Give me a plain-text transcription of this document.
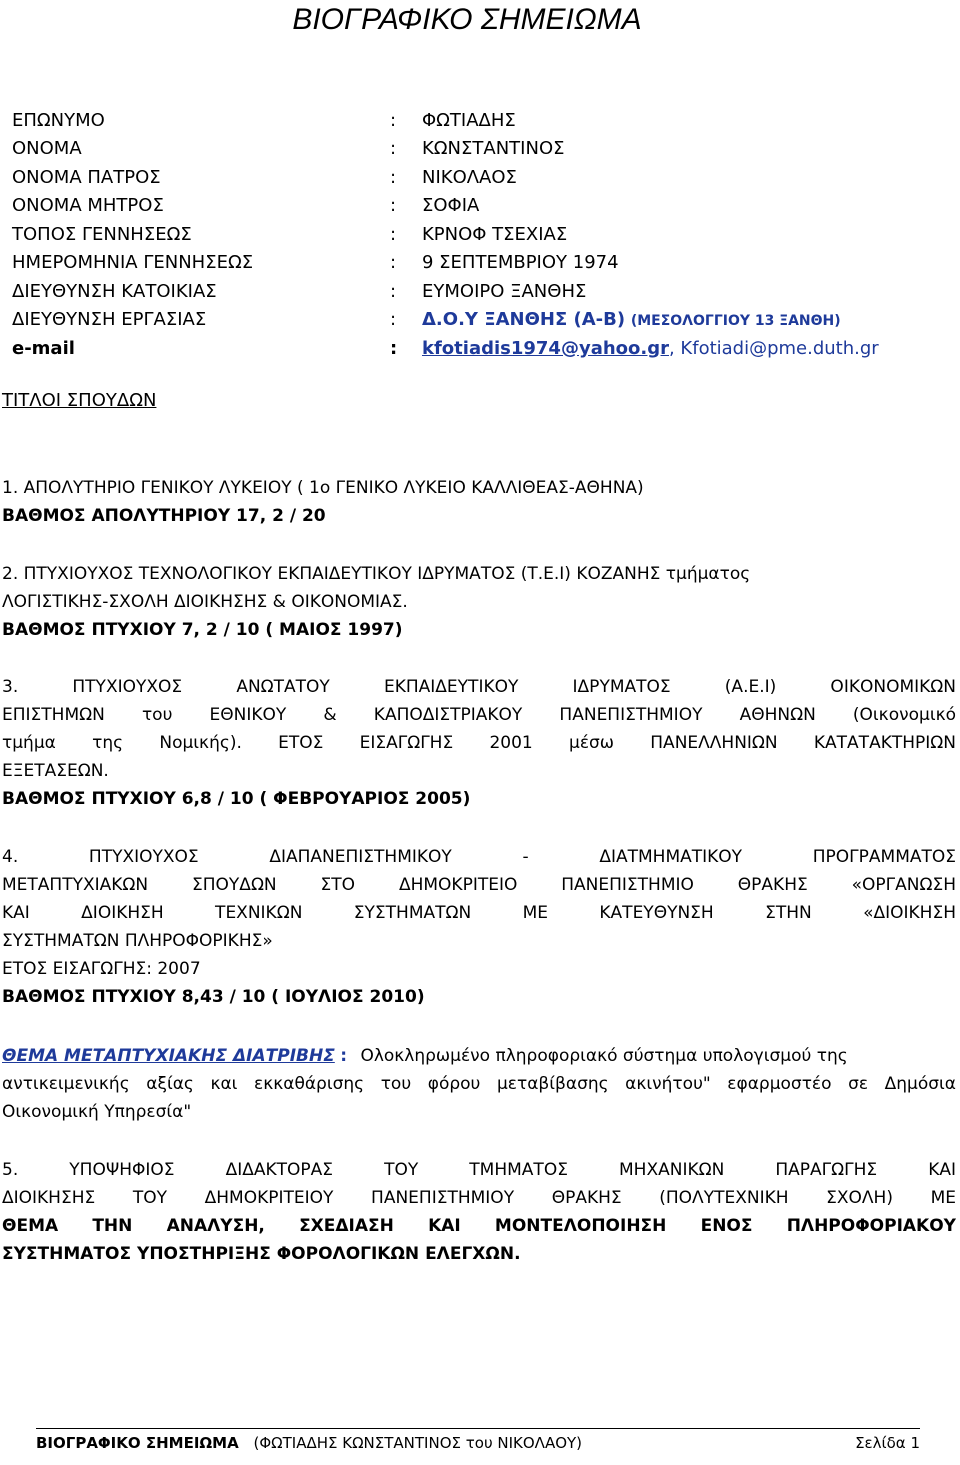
ΒΙΟΓΡΑΦΙΚΟ ΣΗΜΕΙΩΜΑ
ΕΠΩΝΥΜΟ	:	ΦΩΤΙΑΔΗΣ
ΟΝΟΜΑ	:	ΚΩΝΣΤΑΝΤΙΝΟΣ
ΟΝΟΜΑ ΠΑΤΡΟΣ	:	ΝΙΚΟΛΑΟΣ
ΟΝΟΜΑ ΜΗΤΡΟΣ	:	ΣΟΦΙΑ
ΤΟΠΟΣ ΓΕΝΝΗΣΕΩΣ	:	ΚΡΝΟΦ ΤΣΕΧΙΑΣ
ΗΜΕΡΟΜΗΝΙΑ ΓΕΝΝΗΣΕΩΣ	:	9 ΣΕΠΤΕΜΒΡΙΟΥ 1974
ΔΙΕΥΘΥΝΣΗ ΚΑΤΟΙΚΙΑΣ	:	ΕΥΜΟΙΡΟ ΞΑΝΘΗΣ
ΔΙΕΥΘΥΝΣΗ ΕΡΓΑΣΙΑΣ	:	Δ.Ο.Υ ΞΑΝΘΗΣ (Α-Β) (ΜΕΣΟΛΟΓΓΙΟΥ 13 ΞΑΝΘΗ)
e-mail	:	kfotiadis1974@yahoo.gr, Kfotiadi@pme.duth.gr
ΤΙΤΛΟΙ ΣΠΟΥΔΩΝ
1. ΑΠΟΛΥΤΗΡΙΟ ΓΕΝΙΚΟΥ ΛΥΚΕΙΟΥ ( 1ο ΓΕΝΙΚΟ ΛΥΚΕΙΟ ΚΑΛΛΙΘΕΑΣ-ΑΘΗΝΑ)
ΒΑΘΜΟΣ ΑΠΟΛΥΤΗΡΙΟΥ 17, 2 / 20
2. ΠΤΥΧΙΟΥΧΟΣ ΤΕΧΝΟΛΟΓΙΚΟΥ ΕΚΠΑΙΔΕΥΤΙΚΟΥ ΙΔΡΥΜΑΤΟΣ (Τ.Ε.Ι) ΚΟΖΑΝΗΣ τμήματος
ΛΟΓΙΣΤΙΚΗΣ-ΣΧΟΛΗ ΔΙΟΙΚΗΣΗΣ & ΟΙΚΟΝΟΜΙΑΣ.
ΒΑΘΜΟΣ ΠΤΥΧΙΟΥ 7, 2 / 10 ( ΜΑΙΟΣ 1997)
3. ΠΤΥΧΙΟΥΧΟΣ ΑΝΩΤΑΤΟΥ ΕΚΠΑΙΔΕΥΤΙΚΟΥ ΙΔΡΥΜΑΤΟΣ (Α.Ε.Ι) ΟΙΚΟΝΟΜΙΚΩΝ
ΕΠΙΣΤΗΜΩΝ του ΕΘΝΙΚΟΥ & ΚΑΠΟΔΙΣΤΡΙΑΚΟΥ ΠΑΝΕΠΙΣΤΗΜΙΟΥ ΑΘΗΝΩΝ (Οικονομικό
τμήμα της Νομικής). ΕΤΟΣ ΕΙΣΑΓΩΓΗΣ 2001 μέσω ΠΑΝΕΛΛΗΝΙΩΝ ΚΑΤΑΤΑΚΤΗΡΙΩΝ
ΕΞΕΤΑΣΕΩΝ.
ΒΑΘΜΟΣ ΠΤΥΧΙΟΥ 6,8 / 10 ( ΦΕΒΡΟΥΑΡΙΟΣ 2005)
4. ΠΤΥΧΙΟΥΧΟΣ ΔΙΑΠΑΝΕΠΙΣΤΗΜΙΚΟΥ - ΔΙΑΤΜΗΜΑΤΙΚΟΥ ΠΡΟΓΡΑΜΜΑΤΟΣ
ΜΕΤΑΠΤΥΧΙΑΚΩΝ ΣΠΟΥΔΩΝ ΣΤΟ ΔΗΜΟΚΡΙΤΕΙΟ ΠΑΝΕΠΙΣΤΗΜΙΟ ΘΡΑΚΗΣ «ΟΡΓΑΝΩΣΗ
ΚΑΙ ΔΙΟΙΚΗΣΗ ΤΕΧΝΙΚΩΝ ΣΥΣΤΗΜΑΤΩΝ ΜΕ ΚΑΤΕΥΘΥΝΣΗ ΣΤΗΝ «ΔΙΟΙΚΗΣΗ
ΣΥΣΤΗΜΑΤΩΝ ΠΛΗΡΟΦΟΡΙΚΗΣ»
ΕΤΟΣ ΕΙΣΑΓΩΓΗΣ: 2007
ΒΑΘΜΟΣ ΠΤΥΧΙΟΥ 8,43 / 10 ( ΙΟΥΛΙΟΣ 2010)
ΘΕΜΑ ΜΕΤΑΠΤΥΧΙΑΚΗΣ ΔΙΑΤΡΙΒΗΣ : Ολοκληρωμένο πληροφοριακό σύστημα υπολογισμού της
αντικειμενικής αξίας και εκκαθάρισης του φόρου μεταβίβασης ακινήτου" εφαρμοστέο σε Δημόσια
Οικονομική Υπηρεσία"
5. ΥΠΟΨΗΦΙΟΣ ΔΙΔΑΚΤΟΡΑΣ ΤΟΥ ΤΜΗΜΑΤΟΣ ΜΗΧΑΝΙΚΩΝ ΠΑΡΑΓΩΓΗΣ ΚΑΙ
ΔΙΟΙΚΗΣΗΣ ΤΟΥ ΔΗΜΟΚΡΙΤΕΙΟΥ ΠΑΝΕΠΙΣΤΗΜΙΟΥ ΘΡΑΚΗΣ (ΠΟΛΥΤΕΧΝΙΚΗ ΣΧΟΛΗ) ΜΕ
ΘΕΜΑ ΤΗΝ ΑΝΑΛΥΣΗ, ΣΧΕΔΙΑΣΗ ΚΑΙ ΜΟΝΤΕΛΟΠΟΙΗΣΗ ΕΝΟΣ ΠΛΗΡΟΦΟΡΙΑΚΟΥ
ΣΥΣΤΗΜΑΤΟΣ ΥΠΟΣΤΗΡΙΞΗΣ ΦΟΡΟΛΟΓΙΚΩΝ ΕΛΕΓΧΩΝ.
ΒΙΟΓΡΑΦΙΚΟ ΣΗΜΕΙΩΜΑ (ΦΩΤΙΑΔΗΣ ΚΩΝΣΤΑΝΤΙΝΟΣ του ΝΙΚΟΛΑΟΥ)	Σελίδα 1
